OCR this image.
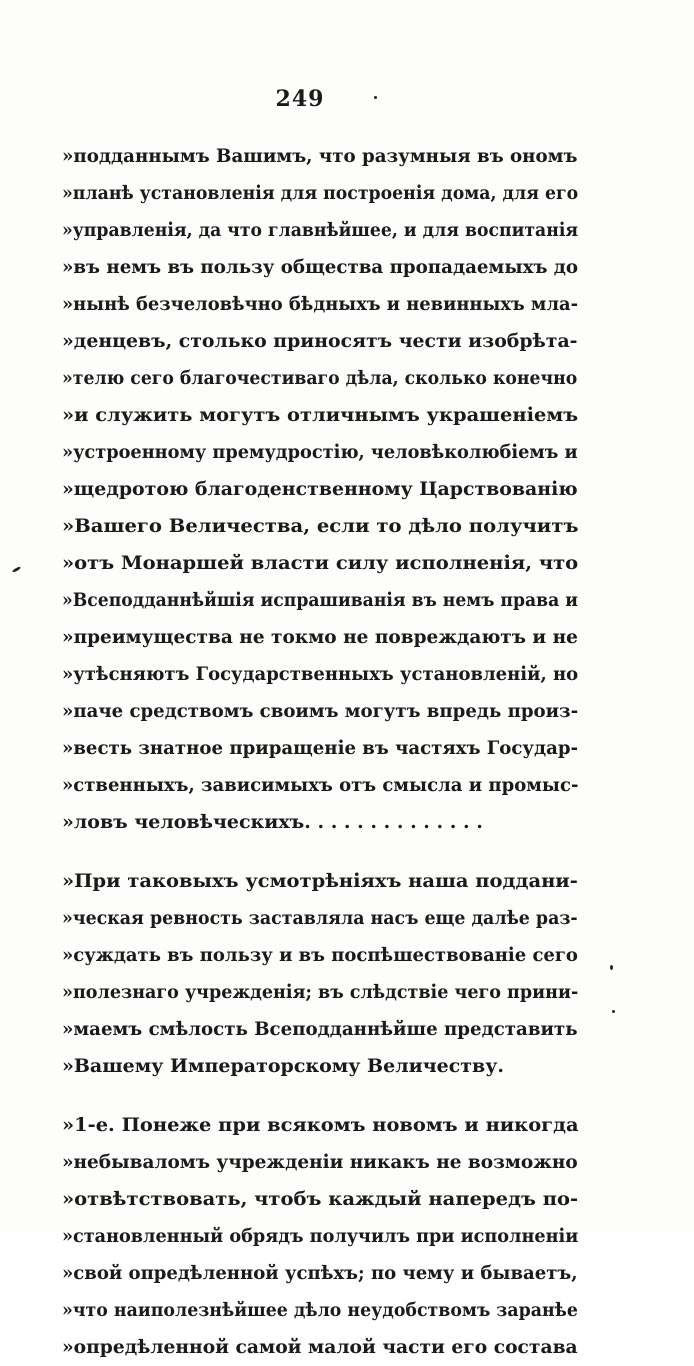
249
»подданнымъ Вашимъ, что разумныя въ ономъ
»планѣ установленія для построенія дома, для его
»управленія, да что главнѣйшее, и для воспитанія
»въ немъ въ пользу общества пропадаемыхъ до
»нынѣ безчеловѣчно бѣдныхъ и невинныхъ мла-
»денцевъ, столько приносятъ чести изобрѣта-
»телю сего благочестиваго дѣла, сколько конечно
»и служить могутъ отличнымъ украшеніемъ
»устроенному премудростію, человѣколюбіемъ и
»щедротою благоденственному Царствованію
»Вашего Величества, если то дѣло получитъ
»отъ Монаршей власти силу исполненія, что
»Всеподданнѣйшія испрашиванія въ немъ права и
»преимущества не токмо не повреждаютъ и не
»утѣсняютъ Государственныхъ установленій, но
»паче средствомъ своимъ могутъ впредь произ-
»весть знатное приращеніе въ частяхъ Государ-
»ственныхъ, зависимыхъ отъ смысла и промыс-
»ловъ человѣческихъ. . . . . . . . . . . . . .
»При таковыхъ усмотрѣніяхъ наша поддани-
»ческая ревность заставляла насъ еще далѣе раз-
»суждать въ пользу и въ поспѣшествованіе сего
»полезнаго учрежденія; въ слѣдствіе чего прини-
»маемъ смѣлость Всеподданнѣйше представить
»Вашему Императорскому Величеству.
»1-е. Понеже при всякомъ новомъ и никогда
»небываломъ учрежденіи никакъ не возможно
»отвѣтствовать, чтобъ каждый напередъ по-
»становленный обрядъ получилъ при исполненіи
»свой опредѣленной успѣхъ; по чему и бываетъ,
»что наиполезнѣйшее дѣло неудобствомъ заранѣе
»опредѣленной самой малой части его состава
